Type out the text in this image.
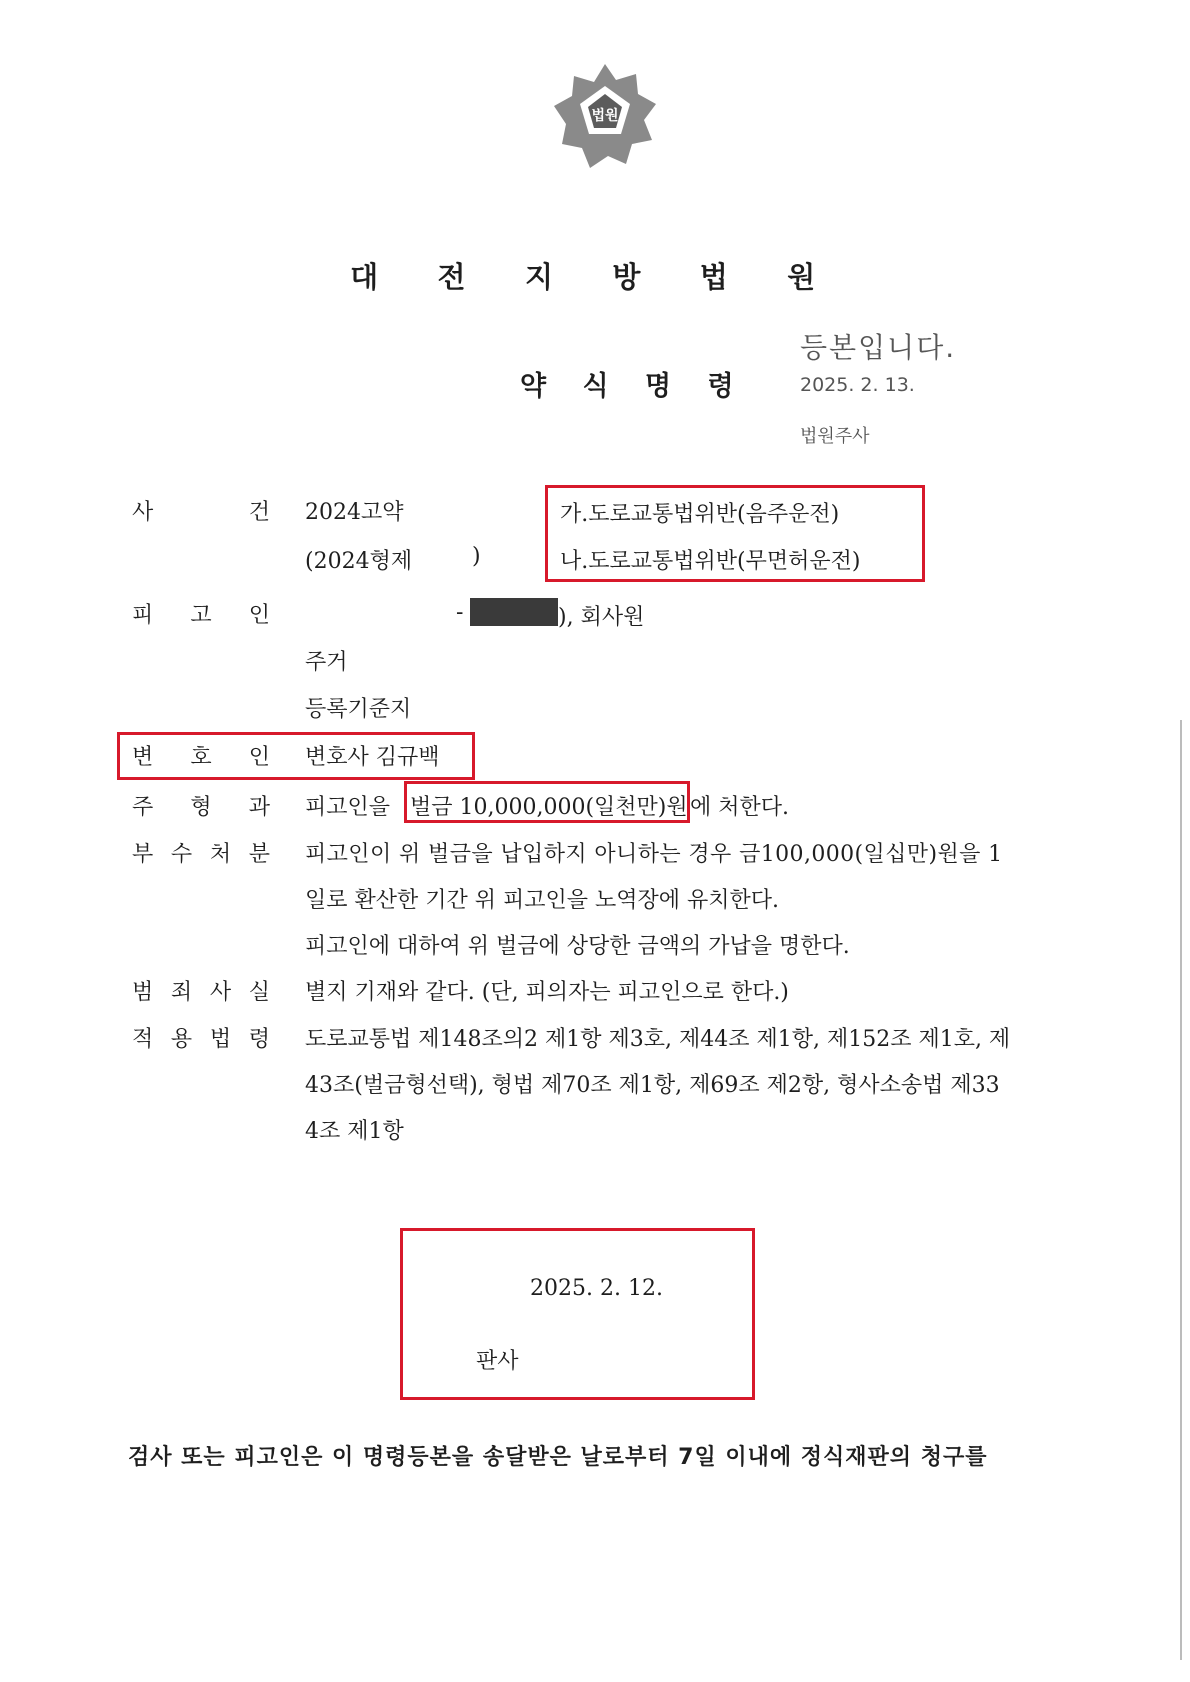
법원
대 전 지 방 법 원
약 식 명 령
등본입니다.
2025. 2. 13.
법원주사
사	건 2024고약
(2024형제	)
가.도로교통법위반(음주운전)
나.도로교통법위반(무면허운전)
피 고 인	-	), 회사원
주거
등록기준지
변 호 인 변호사 김규백
주 형 과 피고인을 벌금 10,000,000(일천만)원 에 처한다.
부 수 처 분 피고인이 위 벌금을 납입하지 아니하는 경우 금100,000(일십만)원을 1
일로 환산한 기간 위 피고인을 노역장에 유치한다.
피고인에 대하여 위 벌금에 상당한 금액의 가납을 명한다.
범 죄 사 실 별지 기재와 같다. (단, 피의자는 피고인으로 한다.)
적 용 법 령 도로교통법 제148조의2 제1항 제3호, 제44조 제1항, 제152조 제1호, 제
43조(벌금형선택), 형법 제70조 제1항, 제69조 제2항, 형사소송법 제33
4조 제1항
2025. 2. 12.
판사
검사 또는 피고인은 이 명령등본을 송달받은 날로부터 7일 이내에 정식재판의 청구를
